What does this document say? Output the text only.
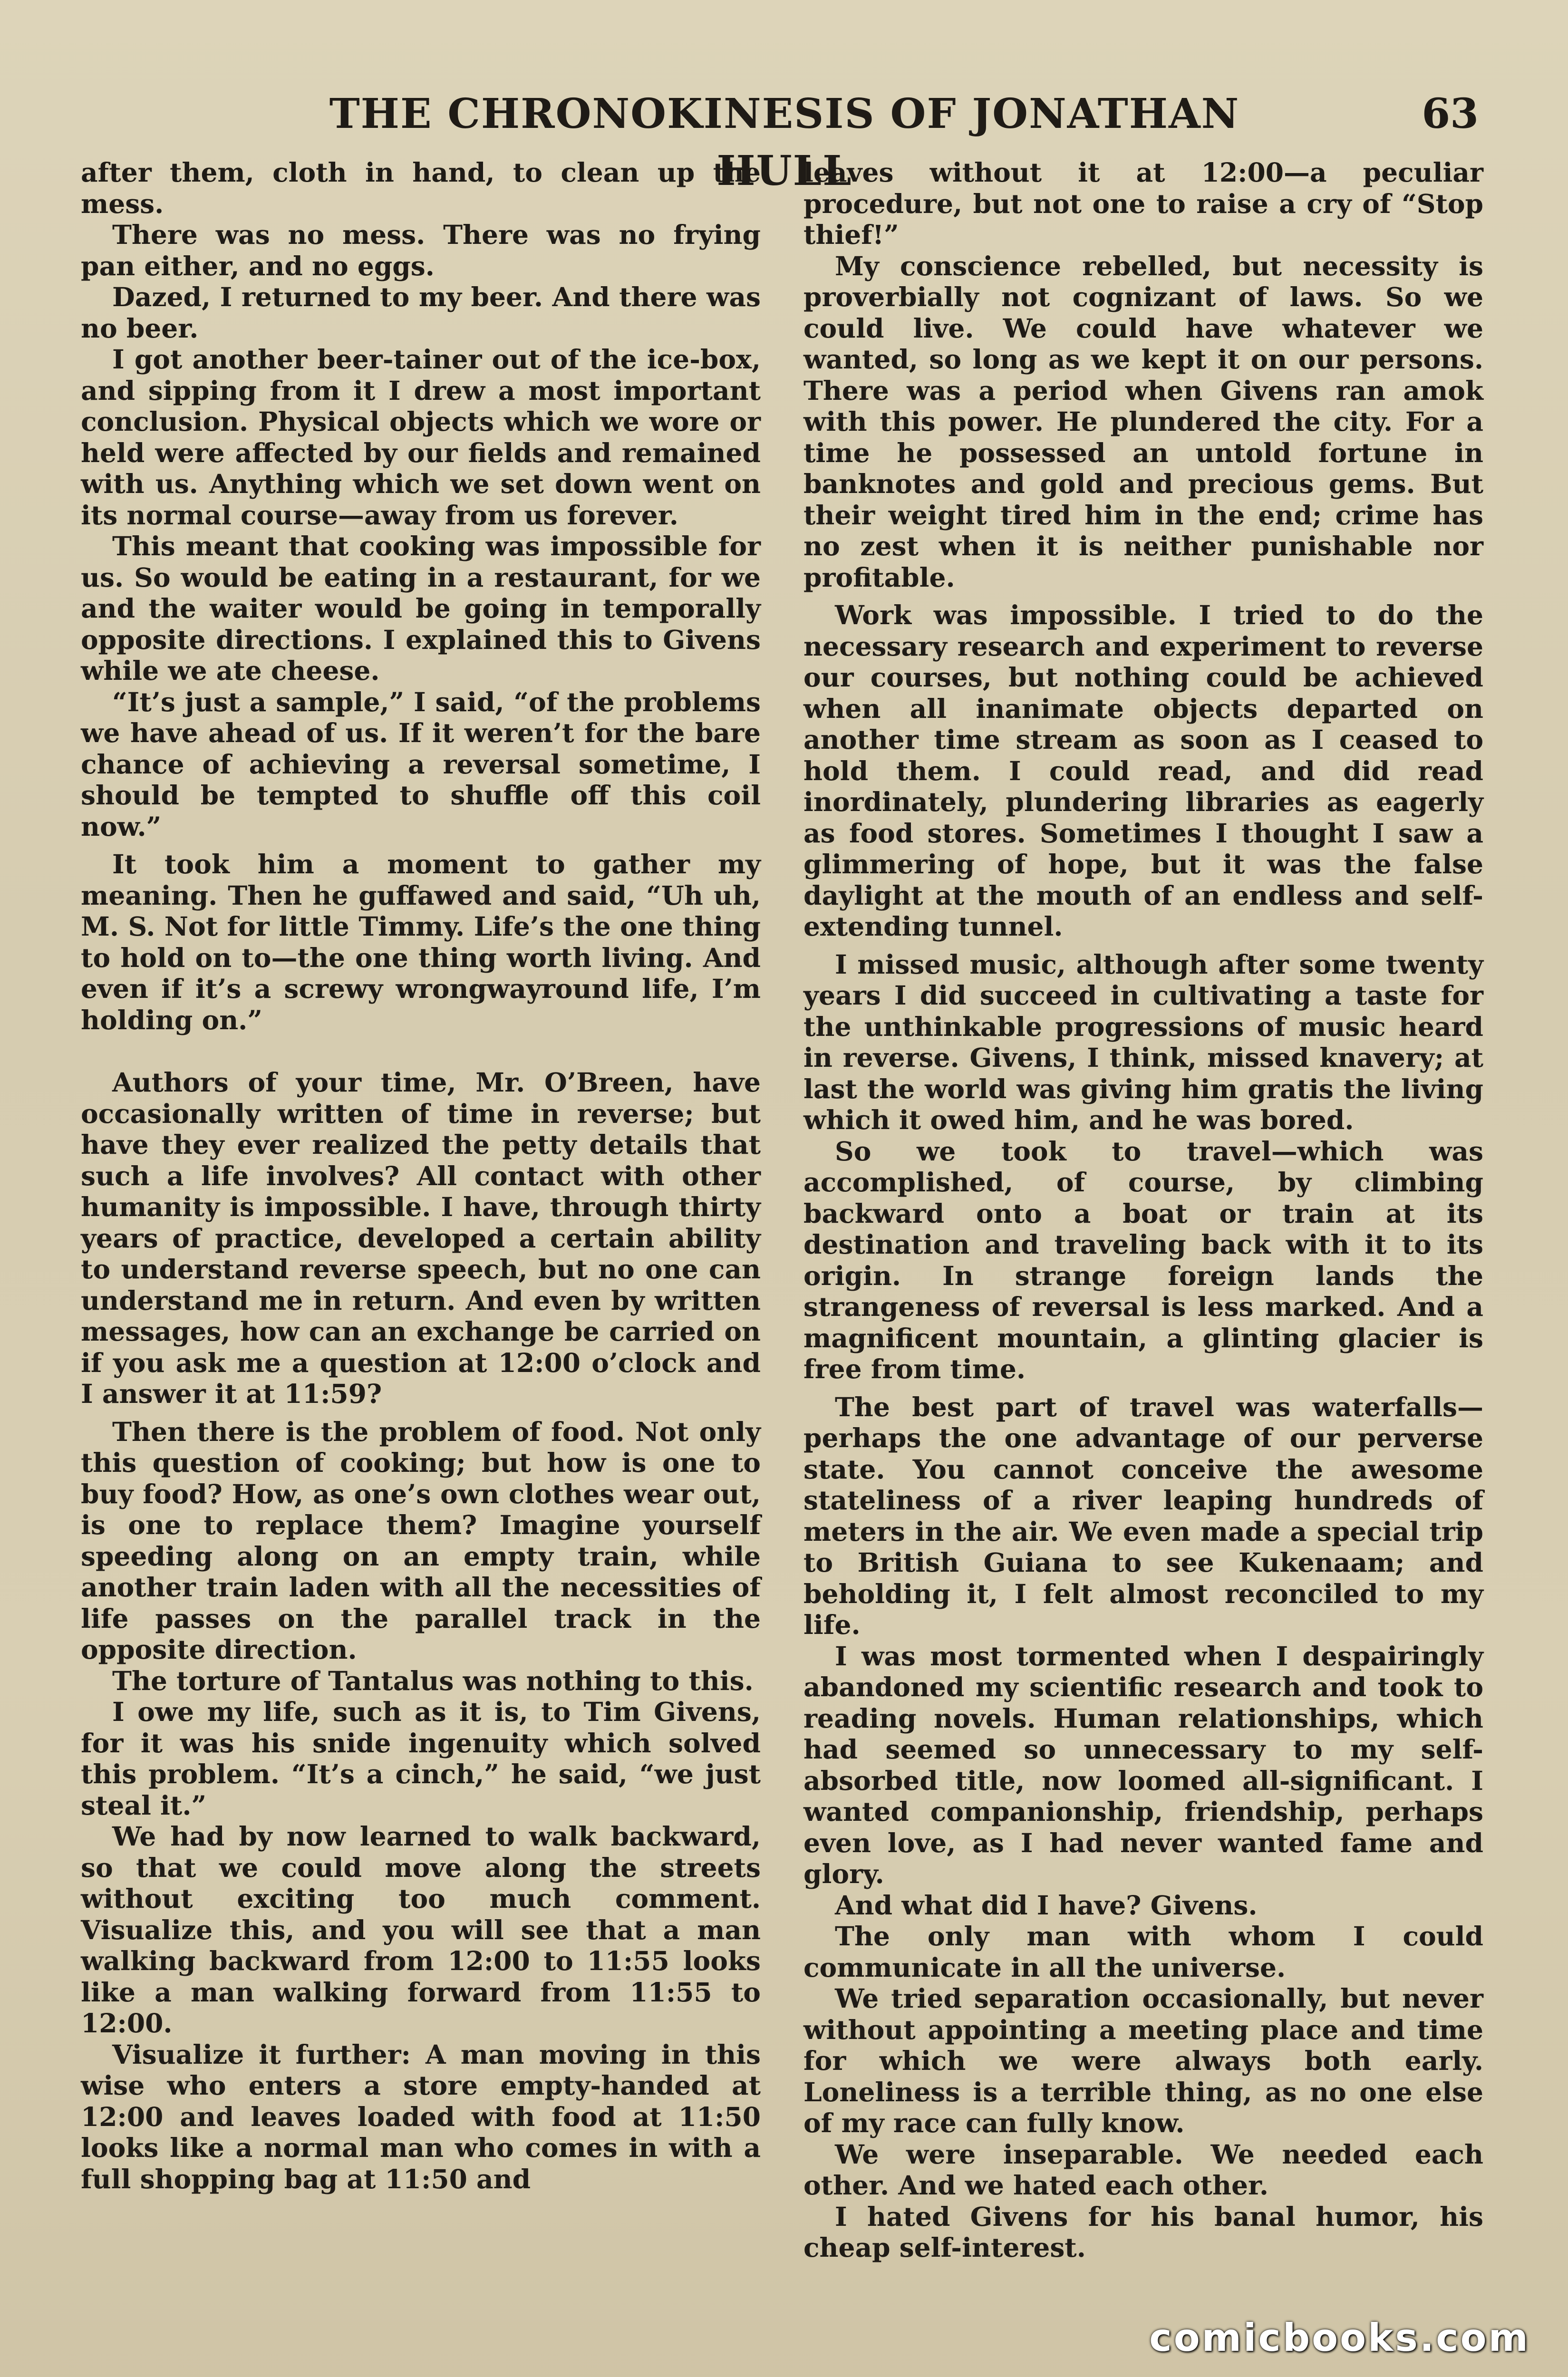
THE CHRONOKINESIS OF JONATHAN HULL
63

after them, cloth in hand, to clean up the mess.

There was no mess. There was no frying pan either, and no eggs.

Dazed, I returned to my beer. And there was no beer.

I got another beer-tainer out of the ice-box, and sipping from it I drew a most important conclusion. Physical objects which we wore or held were affected by our fields and remained with us. Anything which we set down went on its normal course—away from us forever.

This meant that cooking was impossible for us. So would be eating in a restaurant, for we and the waiter would be going in temporally opposite directions. I explained this to Givens while we ate cheese.

“It’s just a sample,” I said, “of the problems we have ahead of us. If it weren’t for the bare chance of achieving a reversal sometime, I should be tempted to shuffle off this coil now.”

It took him a moment to gather my meaning. Then he guffawed and said, “Uh uh, M. S. Not for little Timmy. Life’s the one thing to hold on to—the one thing worth living. And even if it’s a screwy wrongwayround life, I’m holding on.”

Authors of your time, Mr. O’Breen, have occasionally written of time in reverse; but have they ever realized the petty details that such a life involves? All contact with other humanity is impossible. I have, through thirty years of practice, developed a certain ability to understand reverse speech, but no one can understand me in return. And even by written messages, how can an exchange be carried on if you ask me a question at 12:00 o’clock and I answer it at 11:59?

Then there is the problem of food. Not only this question of cooking; but how is one to buy food? How, as one’s own clothes wear out, is one to replace them? Imagine yourself speeding along on an empty train, while another train laden with all the necessities of life passes on the parallel track in the opposite direction.

The torture of Tantalus was nothing to this.

I owe my life, such as it is, to Tim Givens, for it was his snide ingenuity which solved this problem. “It’s a cinch,” he said, “we just steal it.”

We had by now learned to walk backward, so that we could move along the streets without exciting too much comment. Visualize this, and you will see that a man walking backward from 12:00 to 11:55 looks like a man walking forward from 11:55 to 12:00.

Visualize it further: A man moving in this wise who enters a store empty-handed at 12:00 and leaves loaded with food at 11:50 looks like a normal man who comes in with a full shopping bag at 11:50 and

leaves without it at 12:00—a peculiar procedure, but not one to raise a cry of “Stop thief!”

My conscience rebelled, but necessity is proverbially not cognizant of laws. So we could live. We could have whatever we wanted, so long as we kept it on our persons. There was a period when Givens ran amok with this power. He plundered the city. For a time he possessed an untold fortune in banknotes and gold and precious gems. But their weight tired him in the end; crime has no zest when it is neither punishable nor profitable.

Work was impossible. I tried to do the necessary research and experiment to reverse our courses, but nothing could be achieved when all inanimate objects departed on another time stream as soon as I ceased to hold them. I could read, and did read inordinately, plundering libraries as eagerly as food stores. Sometimes I thought I saw a glimmering of hope, but it was the false daylight at the mouth of an endless and self-extending tunnel.

I missed music, although after some twenty years I did succeed in cultivating a taste for the unthinkable progressions of music heard in reverse. Givens, I think, missed knavery; at last the world was giving him gratis the living which it owed him, and he was bored.

So we took to travel—which was accomplished, of course, by climbing backward onto a boat or train at its destination and traveling back with it to its origin. In strange foreign lands the strangeness of reversal is less marked. And a magnificent mountain, a glinting glacier is free from time.

The best part of travel was waterfalls—perhaps the one advantage of our perverse state. You cannot conceive the awesome stateliness of a river leaping hundreds of meters in the air. We even made a special trip to British Guiana to see Kukenaam; and beholding it, I felt almost reconciled to my life.

I was most tormented when I despairingly abandoned my scientific research and took to reading novels. Human relationships, which had seemed so unnecessary to my self-absorbed title, now loomed all-significant. I wanted companionship, friendship, perhaps even love, as I had never wanted fame and glory.

And what did I have? Givens.

The only man with whom I could communicate in all the universe.

We tried separation occasionally, but never without appointing a meeting place and time for which we were always both early. Loneliness is a terrible thing, as no one else of my race can fully know.

We were inseparable. We needed each other. And we hated each other.

I hated Givens for his banal humor, his cheap self-interest.

comicbooks.com
